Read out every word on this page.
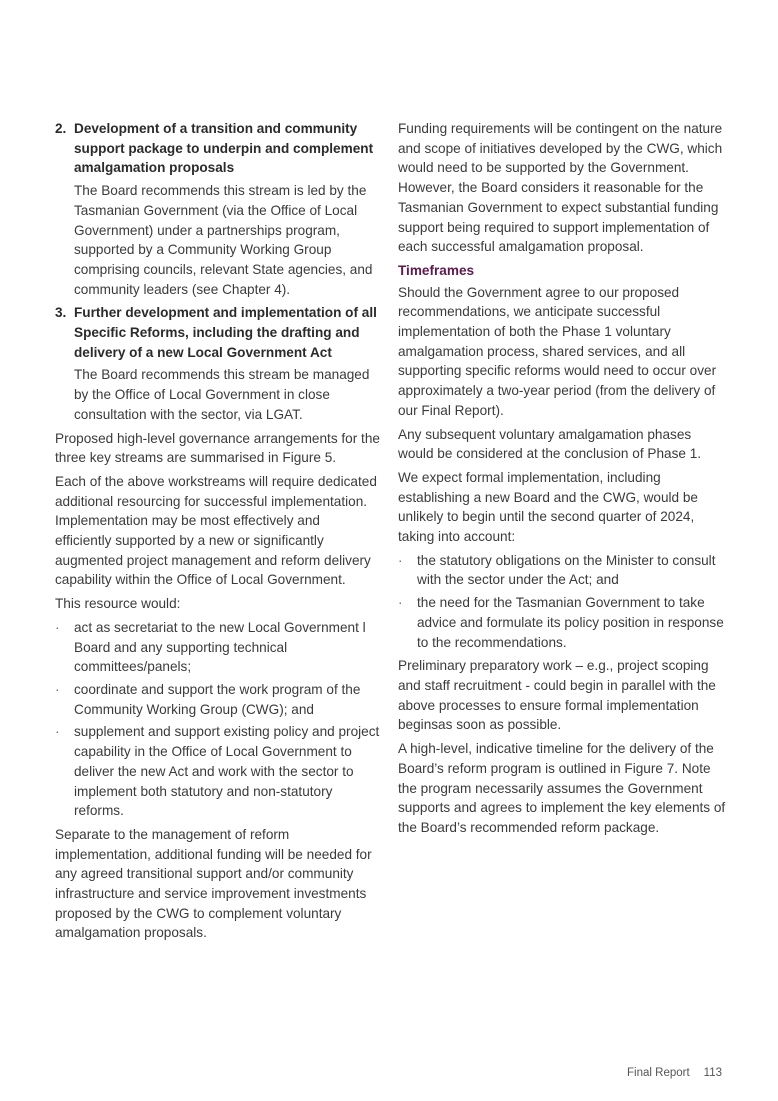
2. Development of a transition and community support package to underpin and complement amalgamation proposals
The Board recommends this stream is led by the Tasmanian Government (via the Office of Local Government) under a partnerships program, supported by a Community Working Group comprising councils, relevant State agencies, and community leaders (see Chapter 4).
3. Further development and implementation of all Specific Reforms, including the drafting and delivery of a new Local Government Act
The Board recommends this stream be managed by the Office of Local Government in close consultation with the sector, via LGAT.

Proposed high-level governance arrangements for the three key streams are summarised in Figure 5.

Each of the above workstreams will require dedicated additional resourcing for successful implementation. Implementation may be most effectively and efficiently supported by a new or significantly augmented project management and reform delivery capability within the Office of Local Government.

This resource would:

· act as secretariat to the new Local Government l Board and any supporting technical committees/panels;
· coordinate and support the work program of the Community Working Group (CWG); and
· supplement and support existing policy and project capability in the Office of Local Government to deliver the new Act and work with the sector to implement both statutory and non-statutory reforms.

Separate to the management of reform implementation, additional funding will be needed for any agreed transitional support and/or community infrastructure and service improvement investments proposed by the CWG to complement voluntary amalgamation proposals.

Funding requirements will be contingent on the nature and scope of initiatives developed by the CWG, which would need to be supported by the Government. However, the Board considers it reasonable for the Tasmanian Government to expect substantial funding support being required to support implementation of each successful amalgamation proposal.

Timeframes

Should the Government agree to our proposed recommendations, we anticipate successful implementation of both the Phase 1 voluntary amalgamation process, shared services, and all supporting specific reforms would need to occur over approximately a two-year period (from the delivery of our Final Report).

Any subsequent voluntary amalgamation phases would be considered at the conclusion of Phase 1.

We expect formal implementation, including establishing a new Board and the CWG, would be unlikely to begin until the second quarter of 2024, taking into account:

· the statutory obligations on the Minister to consult with the sector under the Act; and
· the need for the Tasmanian Government to take advice and formulate its policy position in response to the recommendations.

Preliminary preparatory work – e.g., project scoping and staff recruitment - could begin in parallel with the above processes to ensure formal implementation beginsas soon as possible.

A high-level, indicative timeline for the delivery of the Board’s reform program is outlined in Figure 7. Note the program necessarily assumes the Government supports and agrees to implement the key elements of the Board’s recommended reform package.

Final Report 113
